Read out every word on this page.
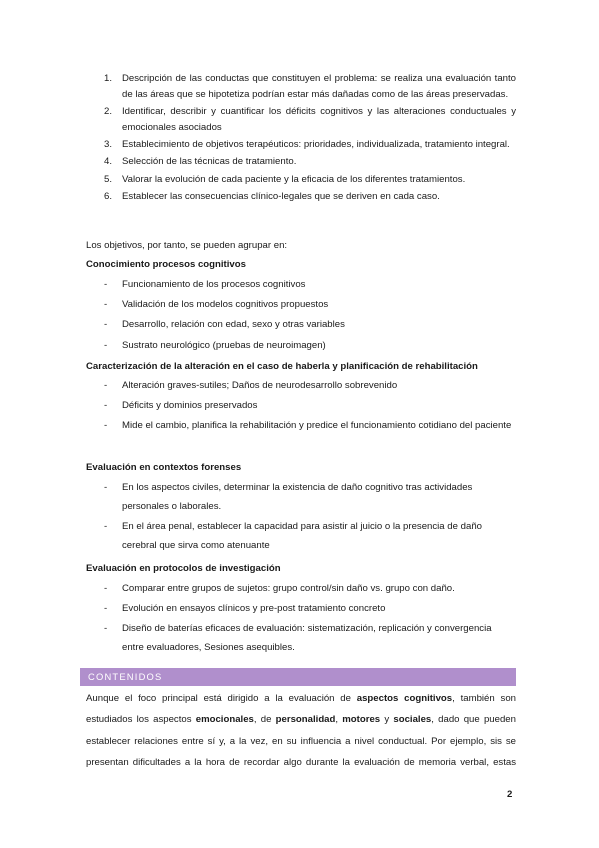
1. Descripción de las conductas que constituyen el problema: se realiza una evaluación tanto de las áreas que se hipotetiza podrían estar más dañadas como de las áreas preservadas.
2. Identificar, describir y cuantificar los déficits cognitivos y las alteraciones conductuales y emocionales asociados
3. Establecimiento de objetivos terapéuticos: prioridades, individualizada, tratamiento integral.
4. Selección de las técnicas de tratamiento.
5. Valorar la evolución de cada paciente y la eficacia de los diferentes tratamientos.
6. Establecer las consecuencias clínico-legales que se deriven en cada caso.
Los objetivos, por tanto, se pueden agrupar en:
Conocimiento procesos cognitivos
- Funcionamiento de los procesos cognitivos
- Validación de los modelos cognitivos propuestos
- Desarrollo, relación con edad, sexo y otras variables
- Sustrato neurológico (pruebas de neuroimagen)
Caracterización de la alteración en el caso de haberla y planificación de rehabilitación
- Alteración graves-sutiles; Daños de neurodesarrollo sobrevenido
- Déficits y dominios preservados
- Mide el cambio, planifica la rehabilitación y predice el funcionamiento cotidiano del paciente
Evaluación en contextos forenses
- En los aspectos civiles, determinar la existencia de daño cognitivo tras actividades personales o laborales.
- En el área penal, establecer la capacidad para asistir al juicio o la presencia de daño cerebral que sirva como atenuante
Evaluación en protocolos de investigación
- Comparar entre grupos de sujetos: grupo control/sin daño vs. grupo con daño.
- Evolución en ensayos clínicos y pre-post tratamiento concreto
- Diseño de baterías eficaces de evaluación: sistematización, replicación y convergencia entre evaluadores, Sesiones asequibles.
CONTENIDOS
Aunque el foco principal está dirigido a la evaluación de aspectos cognitivos, también son
estudiados los aspectos emocionales, de personalidad, motores y sociales, dado que pueden
establecer relaciones entre sí y, a la vez, en su influencia a nivel conductual. Por ejemplo, sis se
presentan dificultades a la hora de recordar algo durante la evaluación de memoria verbal, estas
2
